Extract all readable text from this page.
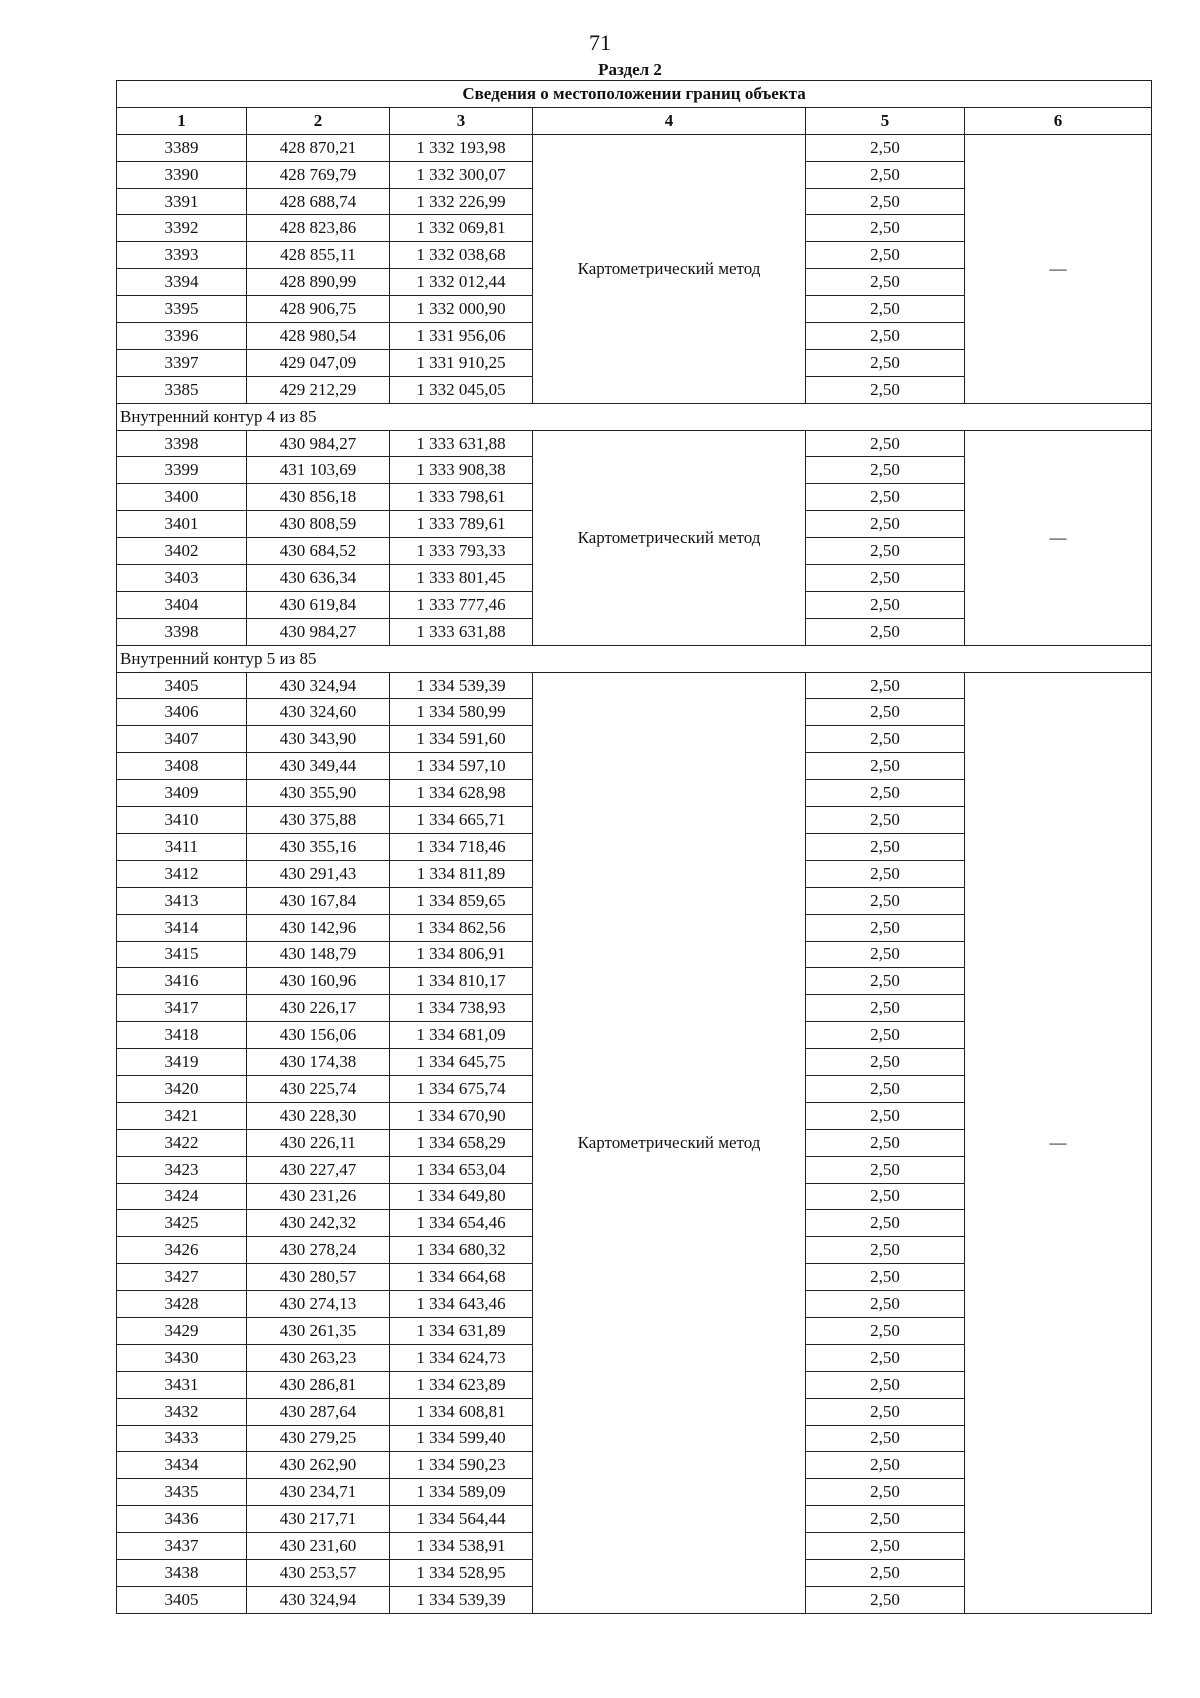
71
Раздел 2
Сведения о местоположении границ объекта					
1	2	3	4	5	6
3389	428 870,21	1 332 193,98	Картометрический метод	2,50	—
3390	428 769,79	1 332 300,07		2,50	
3391	428 688,74	1 332 226,99		2,50	
3392	428 823,86	1 332 069,81		2,50	
3393	428 855,11	1 332 038,68		2,50	
3394	428 890,99	1 332 012,44		2,50	
3395	428 906,75	1 332 000,90		2,50	
3396	428 980,54	1 331 956,06		2,50	
3397	429 047,09	1 331 910,25		2,50	
3385	429 212,29	1 332 045,05		2,50	
Внутренний контур 4 из 85					
3398	430 984,27	1 333 631,88	Картометрический метод	2,50	—
3399	431 103,69	1 333 908,38		2,50	
3400	430 856,18	1 333 798,61		2,50	
3401	430 808,59	1 333 789,61		2,50	
3402	430 684,52	1 333 793,33		2,50	
3403	430 636,34	1 333 801,45		2,50	
3404	430 619,84	1 333 777,46		2,50	
3398	430 984,27	1 333 631,88		2,50	
Внутренний контур 5 из 85					
3405	430 324,94	1 334 539,39	Картометрический метод	2,50	—
3406	430 324,60	1 334 580,99		2,50	
3407	430 343,90	1 334 591,60		2,50	
3408	430 349,44	1 334 597,10		2,50	
3409	430 355,90	1 334 628,98		2,50	
3410	430 375,88	1 334 665,71		2,50	
3411	430 355,16	1 334 718,46		2,50	
3412	430 291,43	1 334 811,89		2,50	
3413	430 167,84	1 334 859,65		2,50	
3414	430 142,96	1 334 862,56		2,50	
3415	430 148,79	1 334 806,91		2,50	
3416	430 160,96	1 334 810,17		2,50	
3417	430 226,17	1 334 738,93		2,50	
3418	430 156,06	1 334 681,09		2,50	
3419	430 174,38	1 334 645,75		2,50	
3420	430 225,74	1 334 675,74		2,50	
3421	430 228,30	1 334 670,90		2,50	
3422	430 226,11	1 334 658,29		2,50	
3423	430 227,47	1 334 653,04		2,50	
3424	430 231,26	1 334 649,80		2,50	
3425	430 242,32	1 334 654,46		2,50	
3426	430 278,24	1 334 680,32		2,50	
3427	430 280,57	1 334 664,68		2,50	
3428	430 274,13	1 334 643,46		2,50	
3429	430 261,35	1 334 631,89		2,50	
3430	430 263,23	1 334 624,73		2,50	
3431	430 286,81	1 334 623,89		2,50	
3432	430 287,64	1 334 608,81		2,50	
3433	430 279,25	1 334 599,40		2,50	
3434	430 262,90	1 334 590,23		2,50	
3435	430 234,71	1 334 589,09		2,50	
3436	430 217,71	1 334 564,44		2,50	
3437	430 231,60	1 334 538,91		2,50	
3438	430 253,57	1 334 528,95		2,50	
3405	430 324,94	1 334 539,39		2,50	
